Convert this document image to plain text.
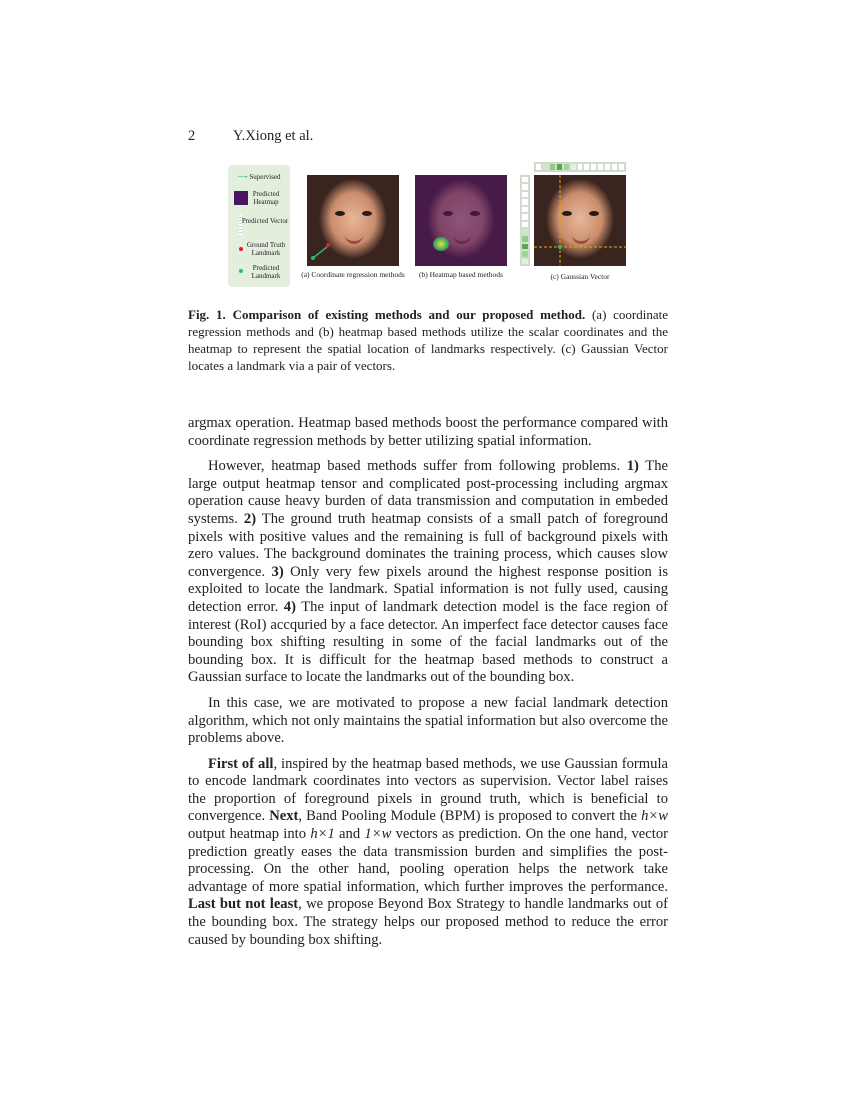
2	Y.Xiong et al.
⟶ Supervised
Predicted Heatmap
Predicted Vector
Ground Truth Landmark
Predicted Landmark	(a) Coordinate regression methods	(b) Heatmap based methods	(c) Gaussian Vector
Fig. 1. Comparison of existing methods and our proposed method. (a) coordinate regression methods and (b) heatmap based methods utilize the scalar coordinates and the heatmap to represent the spatial location of landmarks respectively. (c) Gaussian Vector locates a landmark via a pair of vectors.

argmax operation. Heatmap based methods boost the performance compared with coordinate regression methods by better utilizing spatial information.

However, heatmap based methods suffer from following problems. 1) The large output heatmap tensor and complicated post-processing including argmax operation cause heavy burden of data transmission and computation in embeded systems. 2) The ground truth heatmap consists of a small patch of foreground pixels with positive values and the remaining is full of background pixels with zero values. The background dominates the training process, which causes slow convergence. 3) Only very few pixels around the highest response position is exploited to locate the landmark. Spatial information is not fully used, causing detection error. 4) The input of landmark detection model is the face region of interest (RoI) accquried by a face detector. An imperfect face detector causes face bounding box shifting resulting in some of the facial landmarks out of the bounding box. It is difficult for the heatmap based methods to construct a Gaussian surface to locate the landmarks out of the bounding box.

In this case, we are motivated to propose a new facial landmark detection algorithm, which not only maintains the spatial information but also overcome the problems above.

First of all, inspired by the heatmap based methods, we use Gaussian formula to encode landmark coordinates into vectors as supervision. Vector label raises the proportion of foreground pixels in ground truth, which is beneficial to convergence. Next, Band Pooling Module (BPM) is proposed to convert the h×w output heatmap into h×1 and 1×w vectors as prediction. On the one hand, vector prediction greatly eases the data transmission burden and simplifies the post-processing. On the other hand, pooling operation helps the network take advantage of more spatial information, which further improves the performance. Last but not least, we propose Beyond Box Strategy to handle landmarks out of the bounding box. The strategy helps our proposed method to reduce the error caused by bounding box shifting.
